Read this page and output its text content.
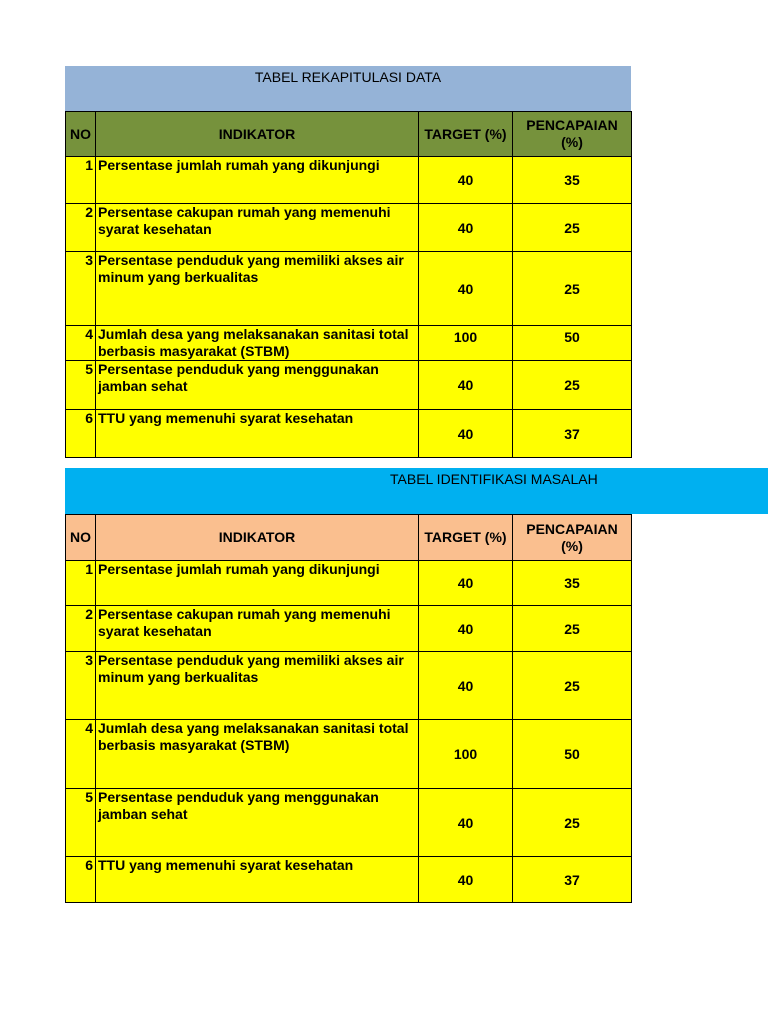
TABEL REKAPITULASI DATA
NO	INDIKATOR	TARGET (%)	PENCAPAIAN (%)
1	Persentase jumlah rumah yang dikunjungi	40	35
2	Persentase cakupan rumah yang memenuhi syarat kesehatan	40	25
3	Persentase penduduk yang memiliki akses air minum yang berkualitas	40	25
4	Jumlah desa yang melaksanakan sanitasi total berbasis masyarakat (STBM)	100	50
5	Persentase penduduk yang menggunakan jamban sehat	40	25
6	TTU yang memenuhi syarat kesehatan	40	37
TABEL IDENTIFIKASI MASALAH
NO	INDIKATOR	TARGET (%)	PENCAPAIAN (%)
1	Persentase jumlah rumah yang dikunjungi	40	35
2	Persentase cakupan rumah yang memenuhi syarat kesehatan	40	25
3	Persentase penduduk yang memiliki akses air minum yang berkualitas	40	25
4	Jumlah desa yang melaksanakan sanitasi total berbasis masyarakat (STBM)	100	50
5	Persentase penduduk yang menggunakan jamban sehat	40	25
6	TTU yang memenuhi syarat kesehatan	40	37
